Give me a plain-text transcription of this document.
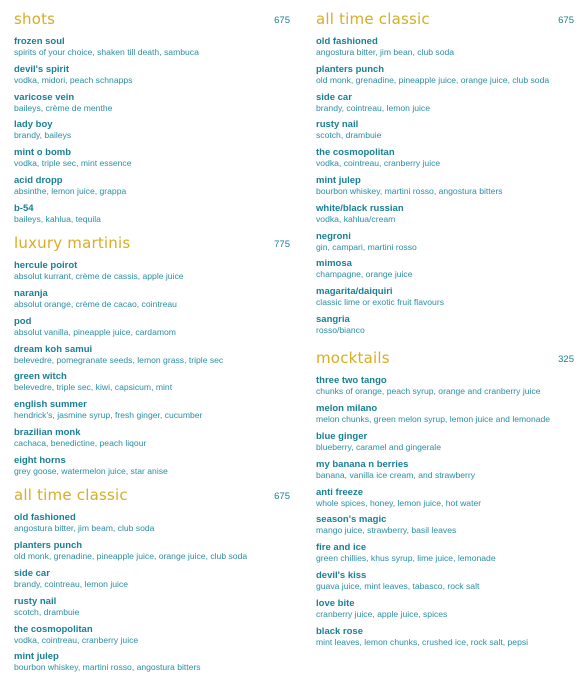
shots	675
frozen soul
spirits of your choice, shaken till death, sambuca
devil's spirit
vodka, midori, peach schnapps
varicose vein
baileys, crème de menthe
lady boy
brandy, baileys
mint o bomb
vodka, triple sec, mint essence
acid dropp
absinthe, lemon juice, grappa
b-54
baileys, kahlua, tequila
luxury martinis	775
hercule poirot
absolut kurrant, crème de cassis, apple juice
naranja
absolut orange, crème de cacao, cointreau
pod
absolut vanilla, pineapple juice, cardamom
dream koh samui
belevedre, pomegranate seeds, lemon grass, triple sec
green witch
belevedre, triple sec, kiwi, capsicum, mint
english summer
hendrick's, jasmine syrup, fresh ginger, cucumber
brazilian monk
cachaca, benedictine, peach liqour
eight horns
grey goose, watermelon juice, star anise
all time classic	675
old fashioned
angostura bitter, jim beam, club soda
planters punch
old monk, grenadine, pineapple juice, orange juice, club soda
side car
brandy, cointreau, lemon juice
rusty nail
scotch, drambuie
the cosmopolitan
vodka, cointreau, cranberry juice
mint julep
bourbon whiskey, martini rosso, angostura bitters
all time classic	675
old fashioned
angostura bitter, jim bean, club soda
planters punch
old monk, grenadine, pineapple juice, orange juice, club soda
side car
brandy, cointreau, lemon juice
rusty nail
scotch, drambuie
the cosmopolitan
vodka, cointreau, cranberry juice
mint julep
bourbon whiskey, martini rosso, angostura bitters
white/black russian
vodka, kahlua/cream
negroni
gin, campari, martini rosso
mimosa
champagne, orange juice
magarita/daiquiri
classic lime or exotic fruit flavours
sangria
rosso/bianco
mocktails	325
three two tango
chunks of orange, peach syrup, orange and cranberry juice
melon milano
melon chunks, green melon syrup, lemon juice and lemonade
blue ginger
blueberry, caramel and gingerale
my banana n berries
banana, vanilla ice cream, and strawberry
anti freeze
whole spices, honey, lemon juice, hot water
season's magic
mango juice, strawberry, basil leaves
fire and ice
green chillies, khus syrup, lime juice, lemonade
devil's kiss
guava juice, mint leaves, tabasco, rock salt
love bite
cranberry juice, apple juice, spices
black rose
mint leaves, lemon chunks, crushed ice, rock salt, pepsi
